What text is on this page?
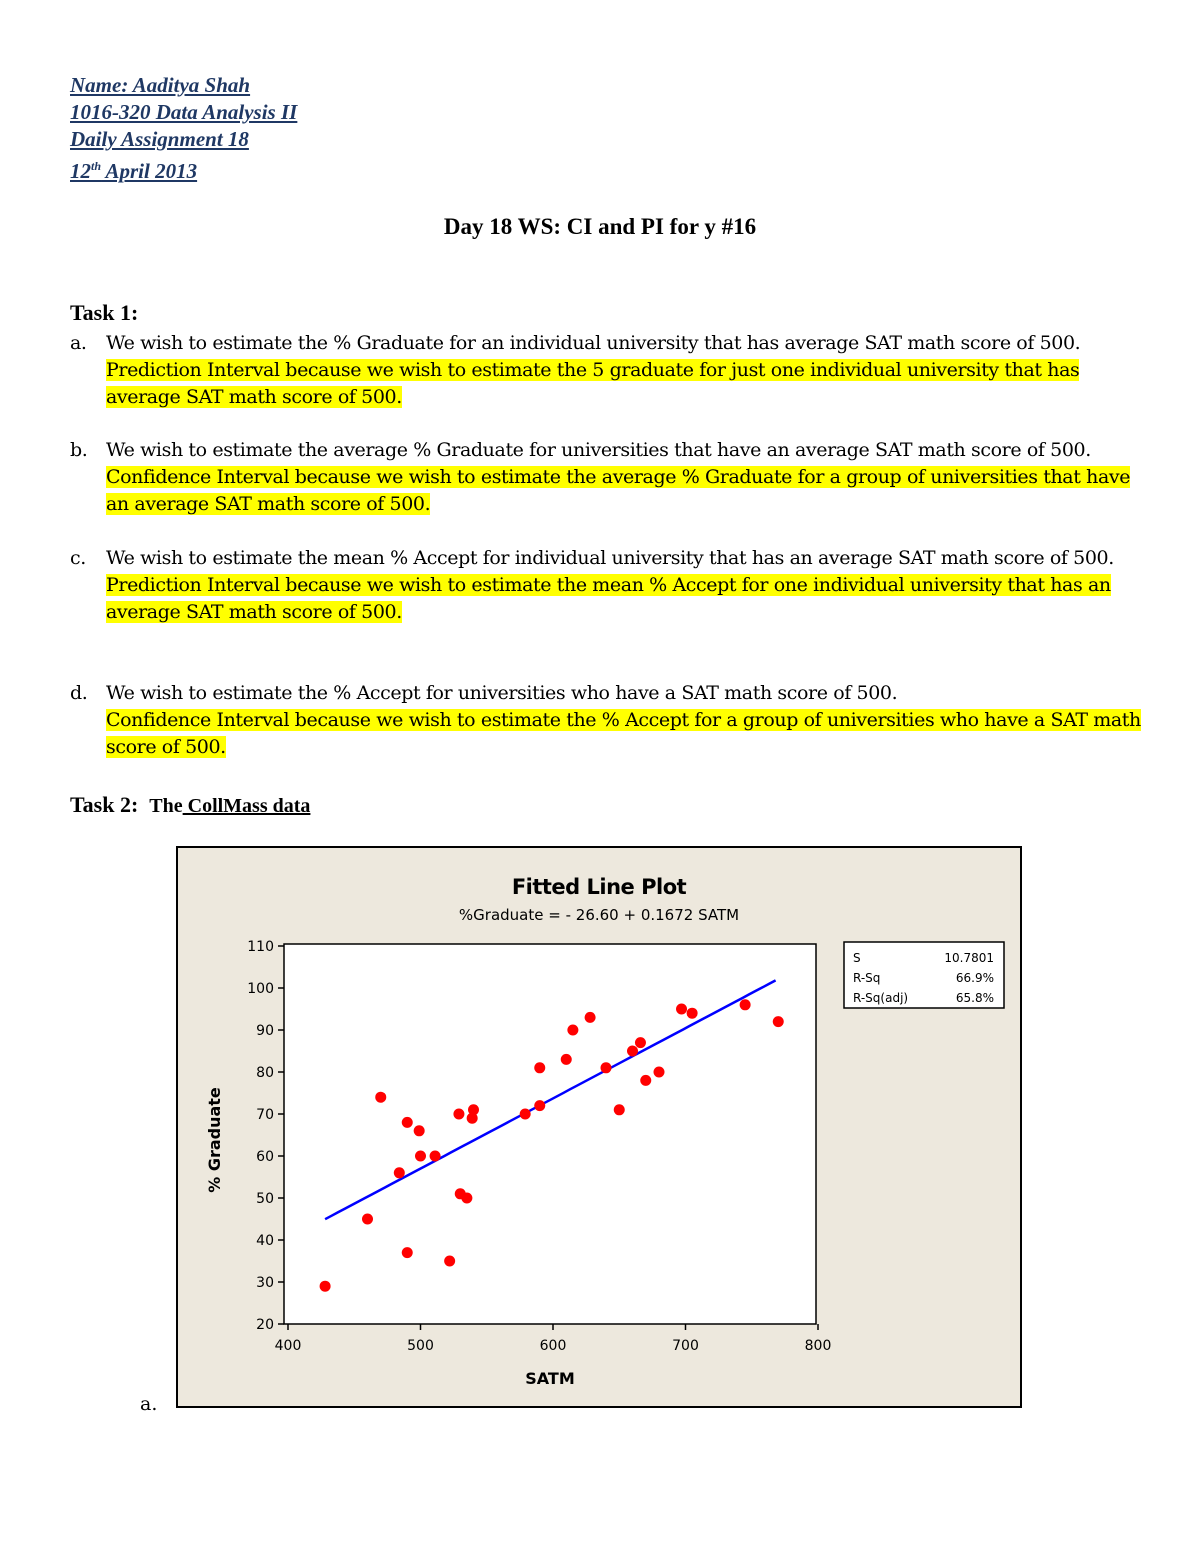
Name: Aaditya Shah
1016-320 Data Analysis II
Daily Assignment 18
12th April 2013
Day 18 WS: CI and PI for y #16
Task 1:
a.	We wish to estimate the % Graduate for an individual university that has average SAT math score of 500.
Prediction Interval because we wish to estimate the 5 graduate for just one individual university that has average SAT math score of 500.
b. We wish to estimate the average % Graduate for universities that have an average SAT math score of 500.
Confidence Interval because we wish to estimate the average % Graduate for a group of universities that have an average SAT math score of 500.
c.	We wish to estimate the mean % Accept for individual university that has an average SAT math score of 500.
Prediction Interval because we wish to estimate the mean % Accept for one individual university that has an average SAT math score of 500.
d. We wish to estimate the % Accept for universities who have a SAT math score of 500.
Confidence Interval because we wish to estimate the % Accept for a group of universities who have a SAT math score of 500.
Task 2: The CollMass data
Fitted Line Plot
%Graduate = - 26.60 + 0.1672 SATM
20
30
40
50
60
70
80
90
100
110
400	500	600	700	800
SATM
% Graduate
S	10.7801
R-Sq	66.9%
R-Sq(adj)	65.8%
a.
